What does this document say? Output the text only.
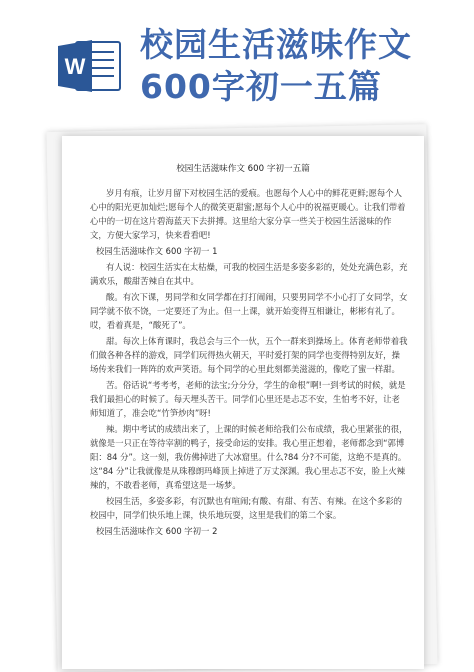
W
校园生活滋味作文600字初一五篇
校园生活滋味作文 600 字初一五篇

岁月有痕，让岁月留下对校园生活的爱痕。也愿每个人心中的鲜花更鲜;愿每个人心中的阳光更加灿烂;愿每个人的微笑更甜蜜;愿每个人心中的祝福更暖心。让我们带着心中的一切在这片碧海蓝天下去拼搏。这里给大家分享一些关于校园生活滋味的作文，方便大家学习，快来看看吧!

校园生活滋味作文 600 字初一 1

有人说：校园生活实在太枯燥，可我的校园生活是多姿多彩的，处处充满色彩，充满欢乐，酸甜苦辣自在其中。

酸。有次下课，男同学和女同学都在打打闹闹，只要男同学不小心打了女同学，女同学就不依不饶，一定要还了为止。但一上课，就开始变得互相谦让，彬彬有礼了。哎，看着真是，“酸死了”。

甜。每次上体育课时，我总会与三个一伙，五个一群来到操场上。体育老师带着我们做各种各样的游戏，同学们玩得热火朝天，平时爱打架的同学也变得特别友好，操场传来我们一阵阵的欢声笑语。每个同学的心里此刻都美滋滋的，像吃了蜜一样甜。

苦。俗话说“考考考，老师的法宝;分分分，学生的命根”啊!一到考试的时候，就是我们最担心的时候了。每天埋头苦干。同学们心里还是忐忑不安，生怕考不好，让老师知道了，准会吃“竹笋炒肉”呀!

辣。期中考试的成绩出来了，上课的时候老师给我们公布成绩，我心里紧张的很，就像是一只正在等待宰割的鸭子，接受命运的安排。我心里正想着，老师都念到“郭博阳：84 分”。这一刻，我仿佛掉进了大冰窟里。什么?84 分?不可能，这绝不是真的。这“84 分”让我就像是从珠穆朗玛峰顶上掉进了万丈深渊。我心里忐忑不安，脸上火辣辣的，不敢看老师，真希望这是一场梦。

校园生活，多姿多彩，有沉默也有喧闹;有酸、有甜、有苦、有辣。在这个多彩的校园中，同学们快乐地上课，快乐地玩耍，这里是我们的第二个家。

校园生活滋味作文 600 字初一 2
